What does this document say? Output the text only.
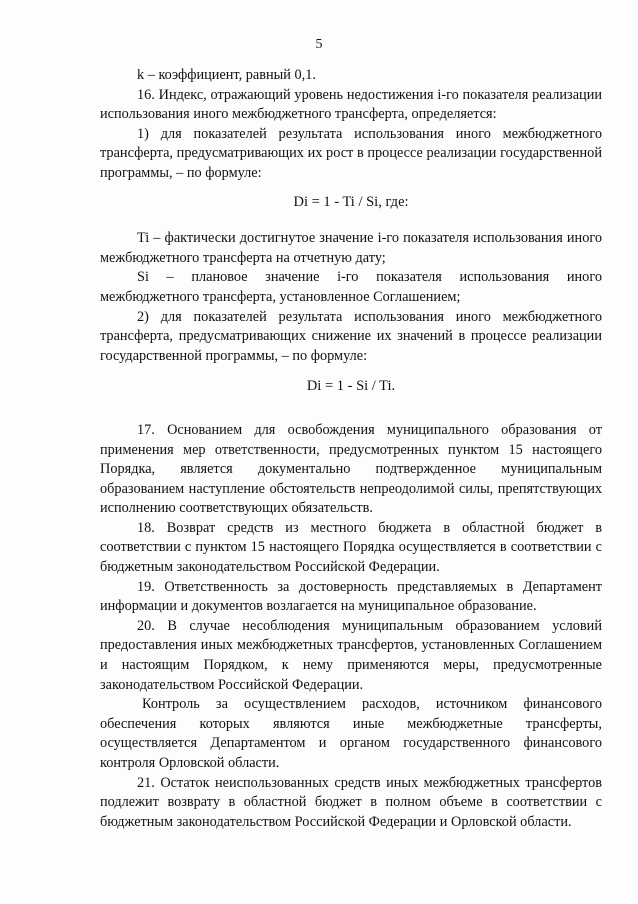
5

k – коэффициент, равный 0,1.

16. Индекс, отражающий уровень недостижения i-го показателя реализации использования иного межбюджетного трансферта, определяется:

1) для показателей результата использования иного межбюджетного трансферта, предусматривающих их рост в процессе реализации государственной программы, – по формуле:

Di = 1 - Ti / Si, где:

Ti – фактически достигнутое значение i-го показателя использования иного межбюджетного трансферта на отчетную дату;

Si – плановое значение i-го показателя использования иного межбюджетного трансферта, установленное Соглашением;

2) для показателей результата использования иного межбюджетного трансферта, предусматривающих снижение их значений в процессе реализации государственной программы, – по формуле:

Di = 1 - Si / Ti.

17. Основанием для освобождения муниципального образования от применения мер ответственности, предусмотренных пунктом 15 настоящего Порядка, является документально подтвержденное муниципальным образованием наступление обстоятельств непреодолимой силы, препятствующих исполнению соответствующих обязательств.

18. Возврат средств из местного бюджета в областной бюджет в соответствии с пунктом 15 настоящего Порядка осуществляется в соответствии с бюджетным законодательством Российской Федерации.

19. Ответственность за достоверность представляемых в Департамент информации и документов возлагается на муниципальное образование.

20. В случае несоблюдения муниципальным образованием условий предоставления иных межбюджетных трансфертов, установленных Соглашением и настоящим Порядком, к нему применяются меры, предусмотренные законодательством Российской Федерации.

Контроль за осуществлением расходов, источником финансового обеспечения которых являются иные межбюджетные трансферты, осуществляется Департаментом и органом государственного финансового контроля Орловской области.

21. Остаток неиспользованных средств иных межбюджетных трансфертов подлежит возврату в областной бюджет в полном объеме в соответствии с бюджетным законодательством Российской Федерации и Орловской области.
